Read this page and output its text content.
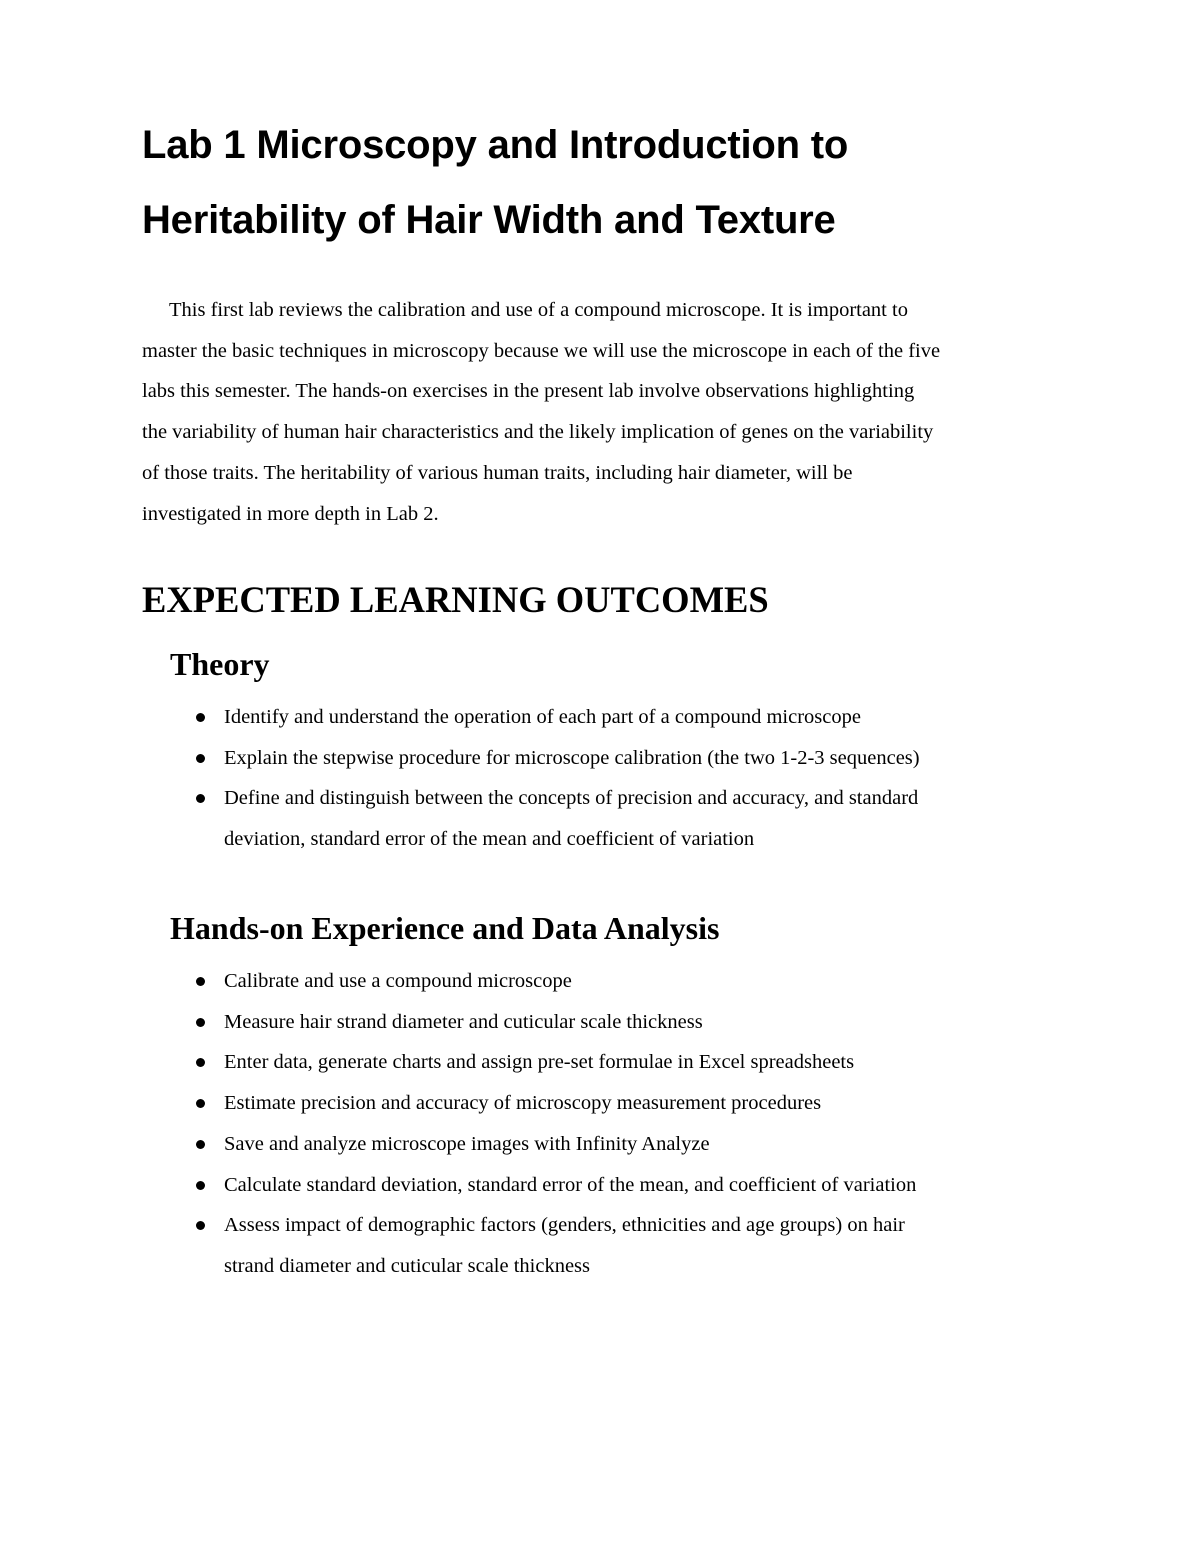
Lab 1 Microscopy and Introduction to
Heritability of Hair Width and Texture

This first lab reviews the calibration and use of a compound microscope. It is important to
master the basic techniques in microscopy because we will use the microscope in each of the five
labs this semester. The hands-on exercises in the present lab involve observations highlighting
the variability of human hair characteristics and the likely implication of genes on the variability
of those traits. The heritability of various human traits, including hair diameter, will be
investigated in more depth in Lab 2.

EXPECTED LEARNING OUTCOMES
Theory
Identify and understand the operation of each part of a compound microscope
Explain the stepwise procedure for microscope calibration (the two 1-2-3 sequences)
Define and distinguish between the concepts of precision and accuracy, and standard
deviation, standard error of the mean and coefficient of variation
Hands-on Experience and Data Analysis
Calibrate and use a compound microscope
Measure hair strand diameter and cuticular scale thickness
Enter data, generate charts and assign pre-set formulae in Excel spreadsheets
Estimate precision and accuracy of microscopy measurement procedures
Save and analyze microscope images with Infinity Analyze
Calculate standard deviation, standard error of the mean, and coefficient of variation
Assess impact of demographic factors (genders, ethnicities and age groups) on hair
strand diameter and cuticular scale thickness
